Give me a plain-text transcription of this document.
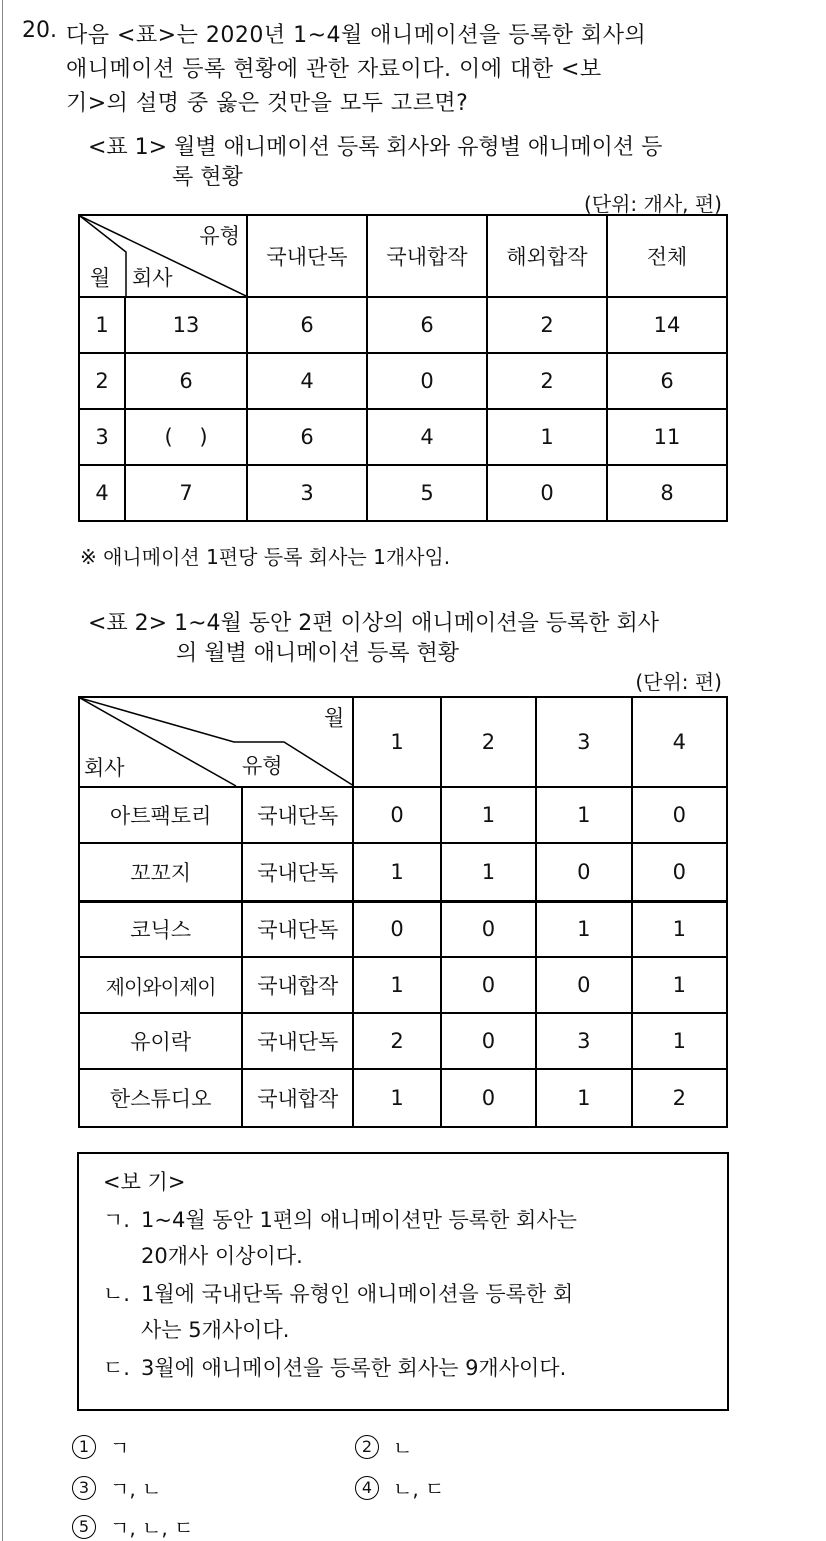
20. 다음 <표>는 2020년 1~4월 애니메이션을 등록한 회사의
애니메이션 등록 현황에 관한 자료이다. 이에 대한 <보
기>의 설명 중 옳은 것만을 모두 고르면?
<표 1> 월별 애니메이션 등록 회사와 유형별 애니메이션 등
록 현황
(단위: 개사, 편)
유형
월 회사		국내단독	국내합작	해외합작	전체
1	13	6	6	2	14
2	6	4	0	2	6
3	(    )	6	4	1	11
4	7	3	5	0	8
※ 애니메이션 1편당 등록 회사는 1개사임.
<표 2> 1~4월 동안 2편 이상의 애니메이션을 등록한 회사
의 월별 애니메이션 등록 현황
(단위: 편)
월
회사 유형		1	2	3	4
아트팩토리	국내단독	0	1	1	0
꼬꼬지	국내단독	1	1	0	0
코닉스	국내단독	0	0	1	1
제이와이제이	국내합작	1	0	0	1
유이락	국내단독	2	0	3	1
한스튜디오	국내합작	1	0	1	2
<보 기>
ㄱ. 1~4월 동안 1편의 애니메이션만 등록한 회사는
20개사 이상이다.
ㄴ. 1월에 국내단독 유형인 애니메이션을 등록한 회
사는 5개사이다.
ㄷ. 3월에 애니메이션을 등록한 회사는 9개사이다.
1	ㄱ	2	ㄴ
3	ㄱ, ㄴ	4	ㄴ, ㄷ
5	ㄱ, ㄴ, ㄷ
